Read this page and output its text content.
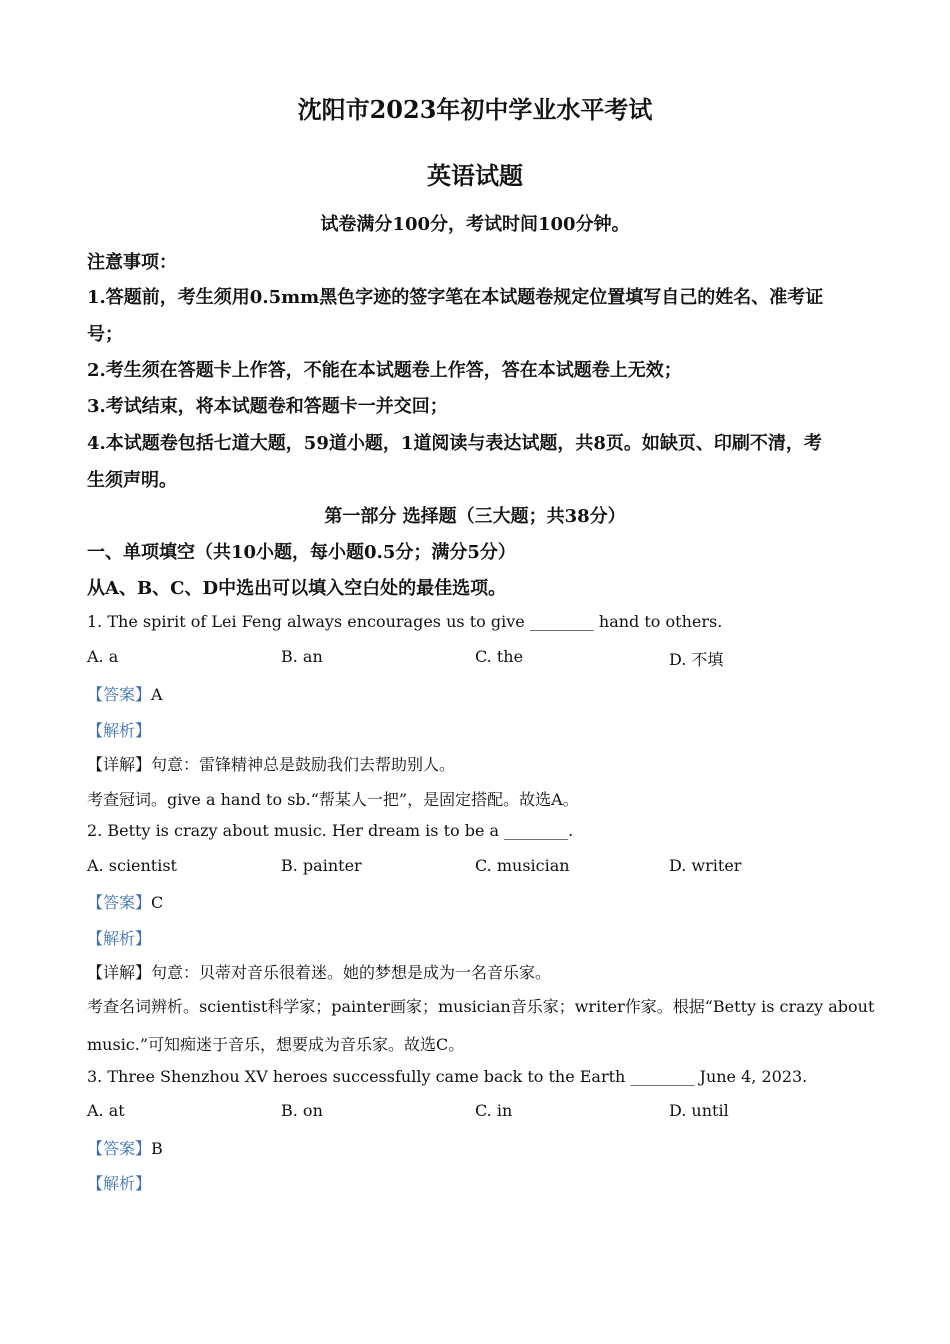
沈阳市2023年初中学业水平考试
英语试题
试卷满分100分，考试时间100分钟。
注意事项：
1.答题前，考生须用0.5mm黑色字迹的签字笔在本试题卷规定位置填写自己的姓名、准考证
号；
2.考生须在答题卡上作答，不能在本试题卷上作答，答在本试题卷上无效；
3.考试结束，将本试题卷和答题卡一并交回；
4.本试题卷包括七道大题，59道小题，1道阅读与表达试题，共8页。如缺页、印刷不清，考
生须声明。
第一部分 选择题（三大题；共38分）
一、单项填空（共10小题，每小题0.5分；满分5分）
从A、B、C、D中选出可以填入空白处的最佳选项。
1. The spirit of Lei Feng always encourages us to give ________ hand to others.
A. a	B. an	C. the	D. 不填
【答案】A
【解析】
【详解】句意：雷锋精神总是鼓励我们去帮助别人。
考查冠词。give a hand to sb.“帮某人一把”，是固定搭配。故选A。
2. Betty is crazy about music. Her dream is to be a ________.
A. scientist	B. painter	C. musician	D. writer
【答案】C
【解析】
【详解】句意：贝蒂对音乐很着迷。她的梦想是成为一名音乐家。
考查名词辨析。scientist科学家；painter画家；musician音乐家；writer作家。根据“Betty is crazy about
music.”可知痴迷于音乐，想要成为音乐家。故选C。
3. Three Shenzhou XV heroes successfully came back to the Earth ________ June 4, 2023.
A. at	B. on	C. in	D. until
【答案】B
【解析】
